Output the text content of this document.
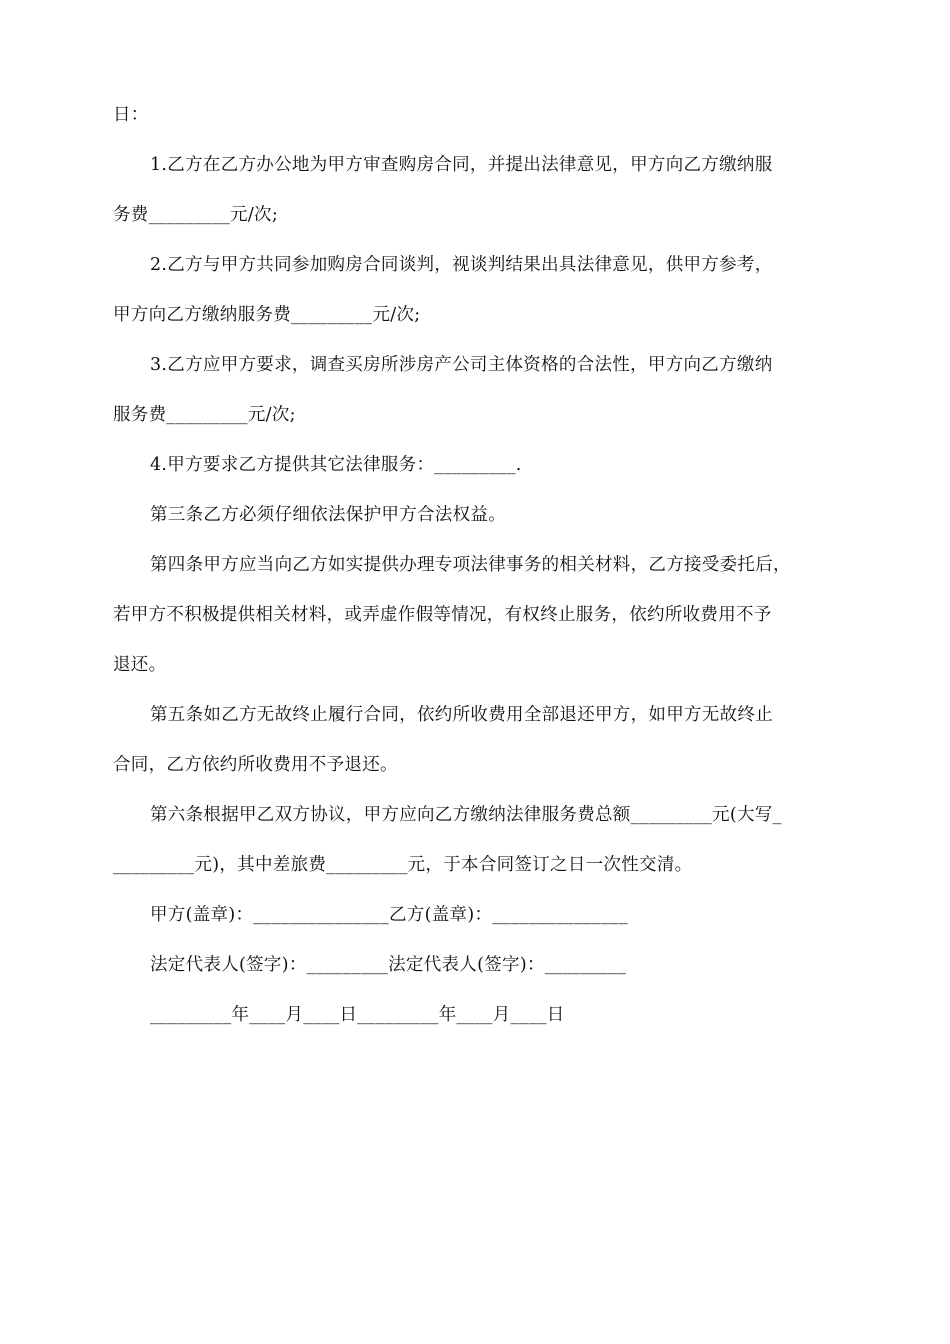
日：
1.乙方在乙方办公地为甲方审查购房合同，并提出法律意见，甲方向乙方缴纳服
务费_________元/次;
2.乙方与甲方共同参加购房合同谈判，视谈判结果出具法律意见，供甲方参考，
甲方向乙方缴纳服务费_________元/次;
3.乙方应甲方要求，调查买房所涉房产公司主体资格的合法性，甲方向乙方缴纳
服务费_________元/次;
4.甲方要求乙方提供其它法律服务：_________.
第三条乙方必须仔细依法保护甲方合法权益。
第四条甲方应当向乙方如实提供办理专项法律事务的相关材料，乙方接受委托后，
若甲方不积极提供相关材料，或弄虚作假等情况，有权终止服务，依约所收费用不予
退还。
第五条如乙方无故终止履行合同，依约所收费用全部退还甲方，如甲方无故终止
合同，乙方依约所收费用不予退还。
第六条根据甲乙双方协议，甲方应向乙方缴纳法律服务费总额_________元(大写_
_________元)，其中差旅费_________元，于本合同签订之日一次性交清。
甲方(盖章)：_______________乙方(盖章)：_______________
法定代表人(签字)：_________法定代表人(签字)：_________
_________年____月____日_________年____月____日
